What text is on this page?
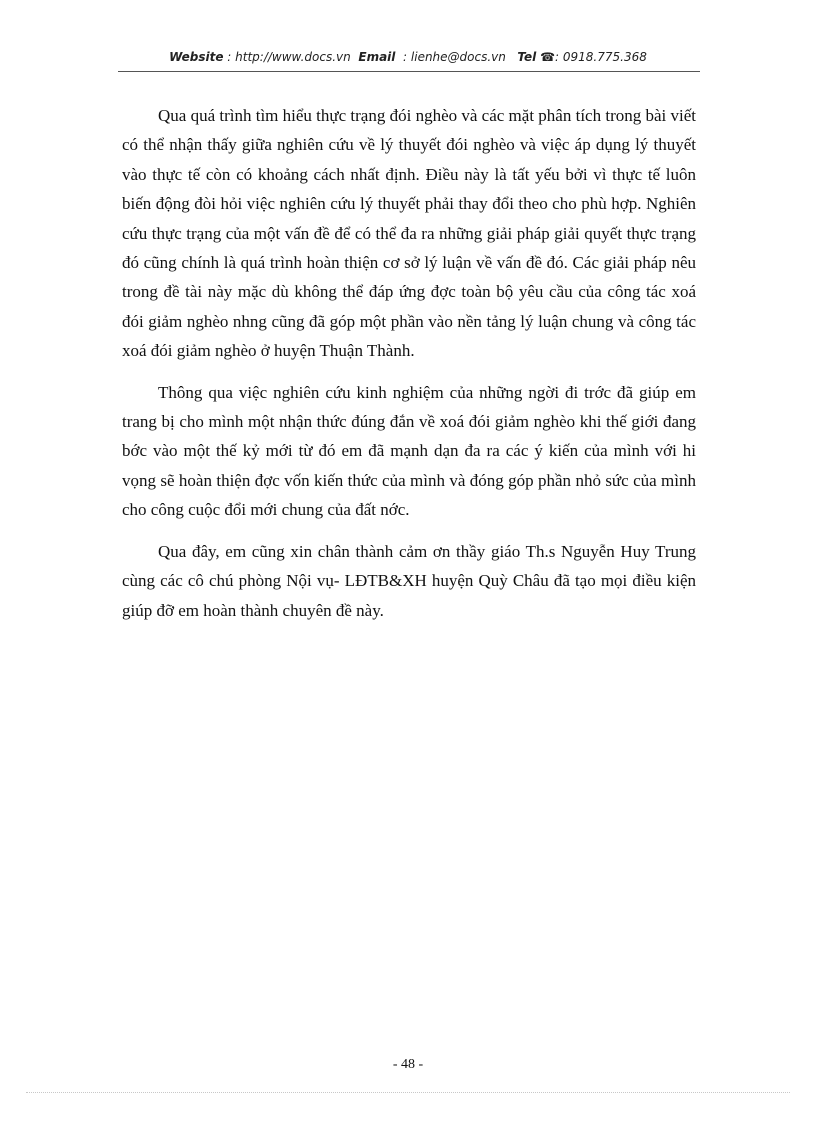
Website : http://www.docs.vn Email : lienhe@docs.vn Tel ☎: 0918.775.368

Qua quá trình tìm hiểu thực trạng đói nghèo và các mặt phân tích trong bài viết có thể nhận thấy giữa nghiên cứu về lý thuyết đói nghèo và việc áp dụng lý thuyết vào thực tế còn có khoảng cách nhất định. Điều này là tất yếu bởi vì thực tế luôn biến động đòi hỏi việc nghiên cứu lý thuyết phải thay đổi theo cho phù hợp. Nghiên cứu thực trạng của một vấn đề để có thể đa ra những giải pháp giải quyết thực trạng đó cũng chính là quá trình hoàn thiện cơ sở lý luận về vấn đề đó. Các giải pháp nêu trong đề tài này mặc dù không thể đáp ứng đợc toàn bộ yêu cầu của công tác xoá đói giảm nghèo nhng cũng đã góp một phần vào nền tảng lý luận chung và công tác xoá đói giảm nghèo ở huyện Thuận Thành.

Thông qua việc nghiên cứu kinh nghiệm của những ngời đi trớc đã giúp em trang bị cho mình một nhận thức đúng đắn về xoá đói giảm nghèo khi thế giới đang bớc vào một thế kỷ mới từ đó em đã mạnh dạn đa ra các ý kiến của mình với hi vọng sẽ hoàn thiện đợc vốn kiến thức của mình và đóng góp phần nhỏ sức của mình cho công cuộc đổi mới chung của đất nớc.

Qua đây, em cũng xin chân thành cảm ơn thầy giáo Th.s Nguyễn Huy Trung cùng các cô chú phòng Nội vụ- LĐTB&XH huyện Quỳ Châu đã tạo mọi điều kiện giúp đỡ em hoàn thành chuyên đề này.

- 48 -
